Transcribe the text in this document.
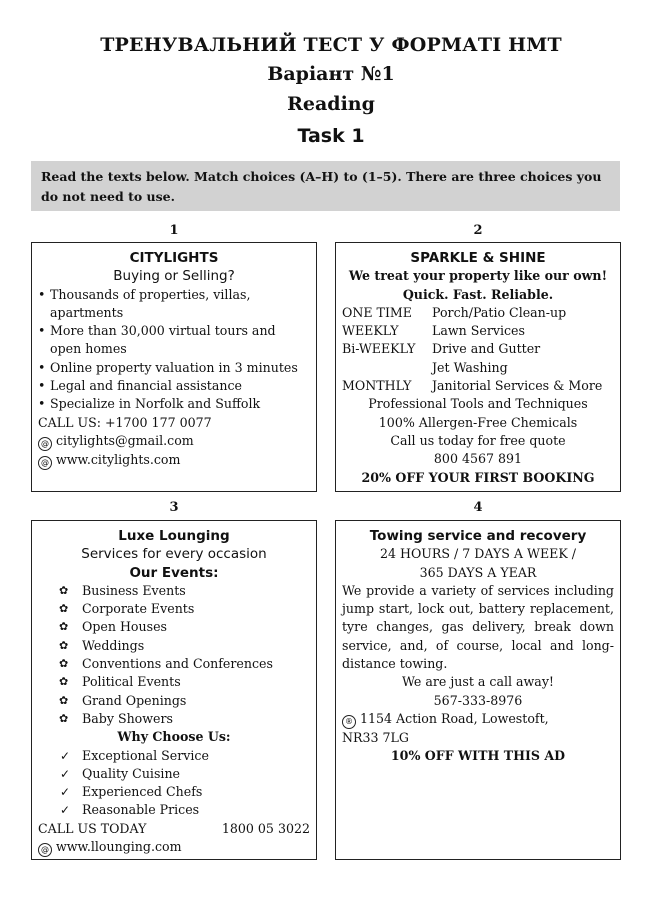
ТРЕНУВАЛЬНИЙ ТЕСТ У ФОРМАТІ НМТ
Варіант №1
Reading
Task 1
Read the texts below. Match choices (A–H) to (1–5). There are three choices you do not need to use.
1
CITYLIGHTS
Buying or Selling?
• Thousands of properties, villas, apartments
• More than 30,000 virtual tours and open homes
• Online property valuation in 3 minutes
• Legal and financial assistance
• Specialize in Norfolk and Suffolk
CALL US: +1700 177 0077
@ citylights@gmail.com
@ www.citylights.com
2
SPARKLE & SHINE
We treat your property like our own!
Quick. Fast. Reliable.
ONE TIME	Porch/Patio Clean-up
WEEKLY	Lawn Services
Bi-WEEKLY	Drive and Gutter
Jet Washing
MONTHLY	Janitorial Services & More
Professional Tools and Techniques
100% Allergen-Free Chemicals
Call us today for free quote
800 4567 891
20% OFF YOUR FIRST BOOKING
3
Luxe Lounging
Services for every occasion
Our Events:
✿ Business Events
✿ Corporate Events
✿ Open Houses
✿ Weddings
✿ Conventions and Conferences
✿ Political Events
✿ Grand Openings
✿ Baby Showers
Why Choose Us:
✓ Exceptional Service
✓ Quality Cuisine
✓ Experienced Chefs
✓ Reasonable Prices
CALL US TODAY	1800 05 3022
@ www.llounging.com
4
Towing service and recovery
24 HOURS / 7 DAYS A WEEK /
365 DAYS A YEAR
We provide a variety of services including jump start, lock out, battery replacement, tyre changes, gas delivery, break down service, and, of course, local and long-distance towing.
We are just a call away!
567-333-8976
® 1154 Action Road, Lowestoft,
NR33 7LG
10% OFF WITH THIS AD
